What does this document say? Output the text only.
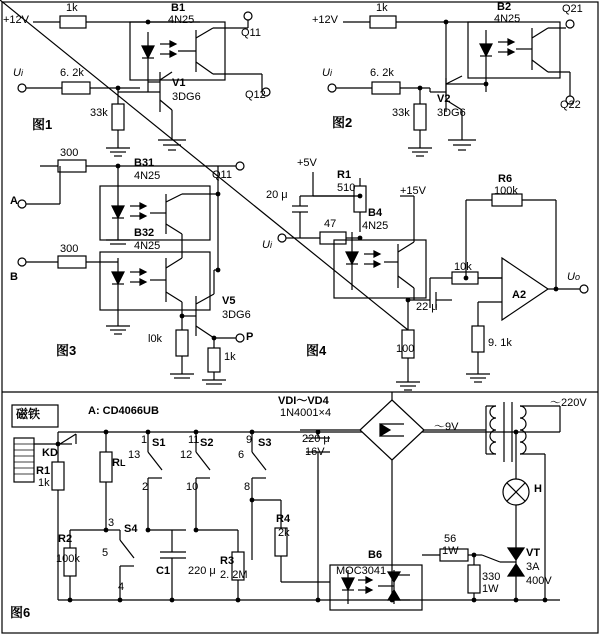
+12V
1k	B1
4N25
Q11
Q12
Ui	6. 2k
33k
V1
3DG6
图1
+12V
1k	B2
4N25
Q21
Q22
Ui	6. 2k
33k
V2
3DG6
图2
300
300
A
B
B31
4N25
B32
4N25
Q11
V5
3DG6
l0k
1k
P
图3
+5V
+15V
20 μ
R1
510
B4
4N25
47
Ui
100
22 μ
10k
R6
100k
9. 1k
A2
Uo
图4
磁铁	A: CD4066UB
KD
R1
1k
RL
S1	S2	S3
S4
1
13
2
11
12
10
9
6
8
3
5
4
C1 220 μ
R3
2. 2M
R4
2k
R2
100k
220 μ
16V
VDI～VD4
1N4001×4
～9V
～220V
H
B6
MOC3041
56
1W
330
1W
VT
3A
400V
图6
